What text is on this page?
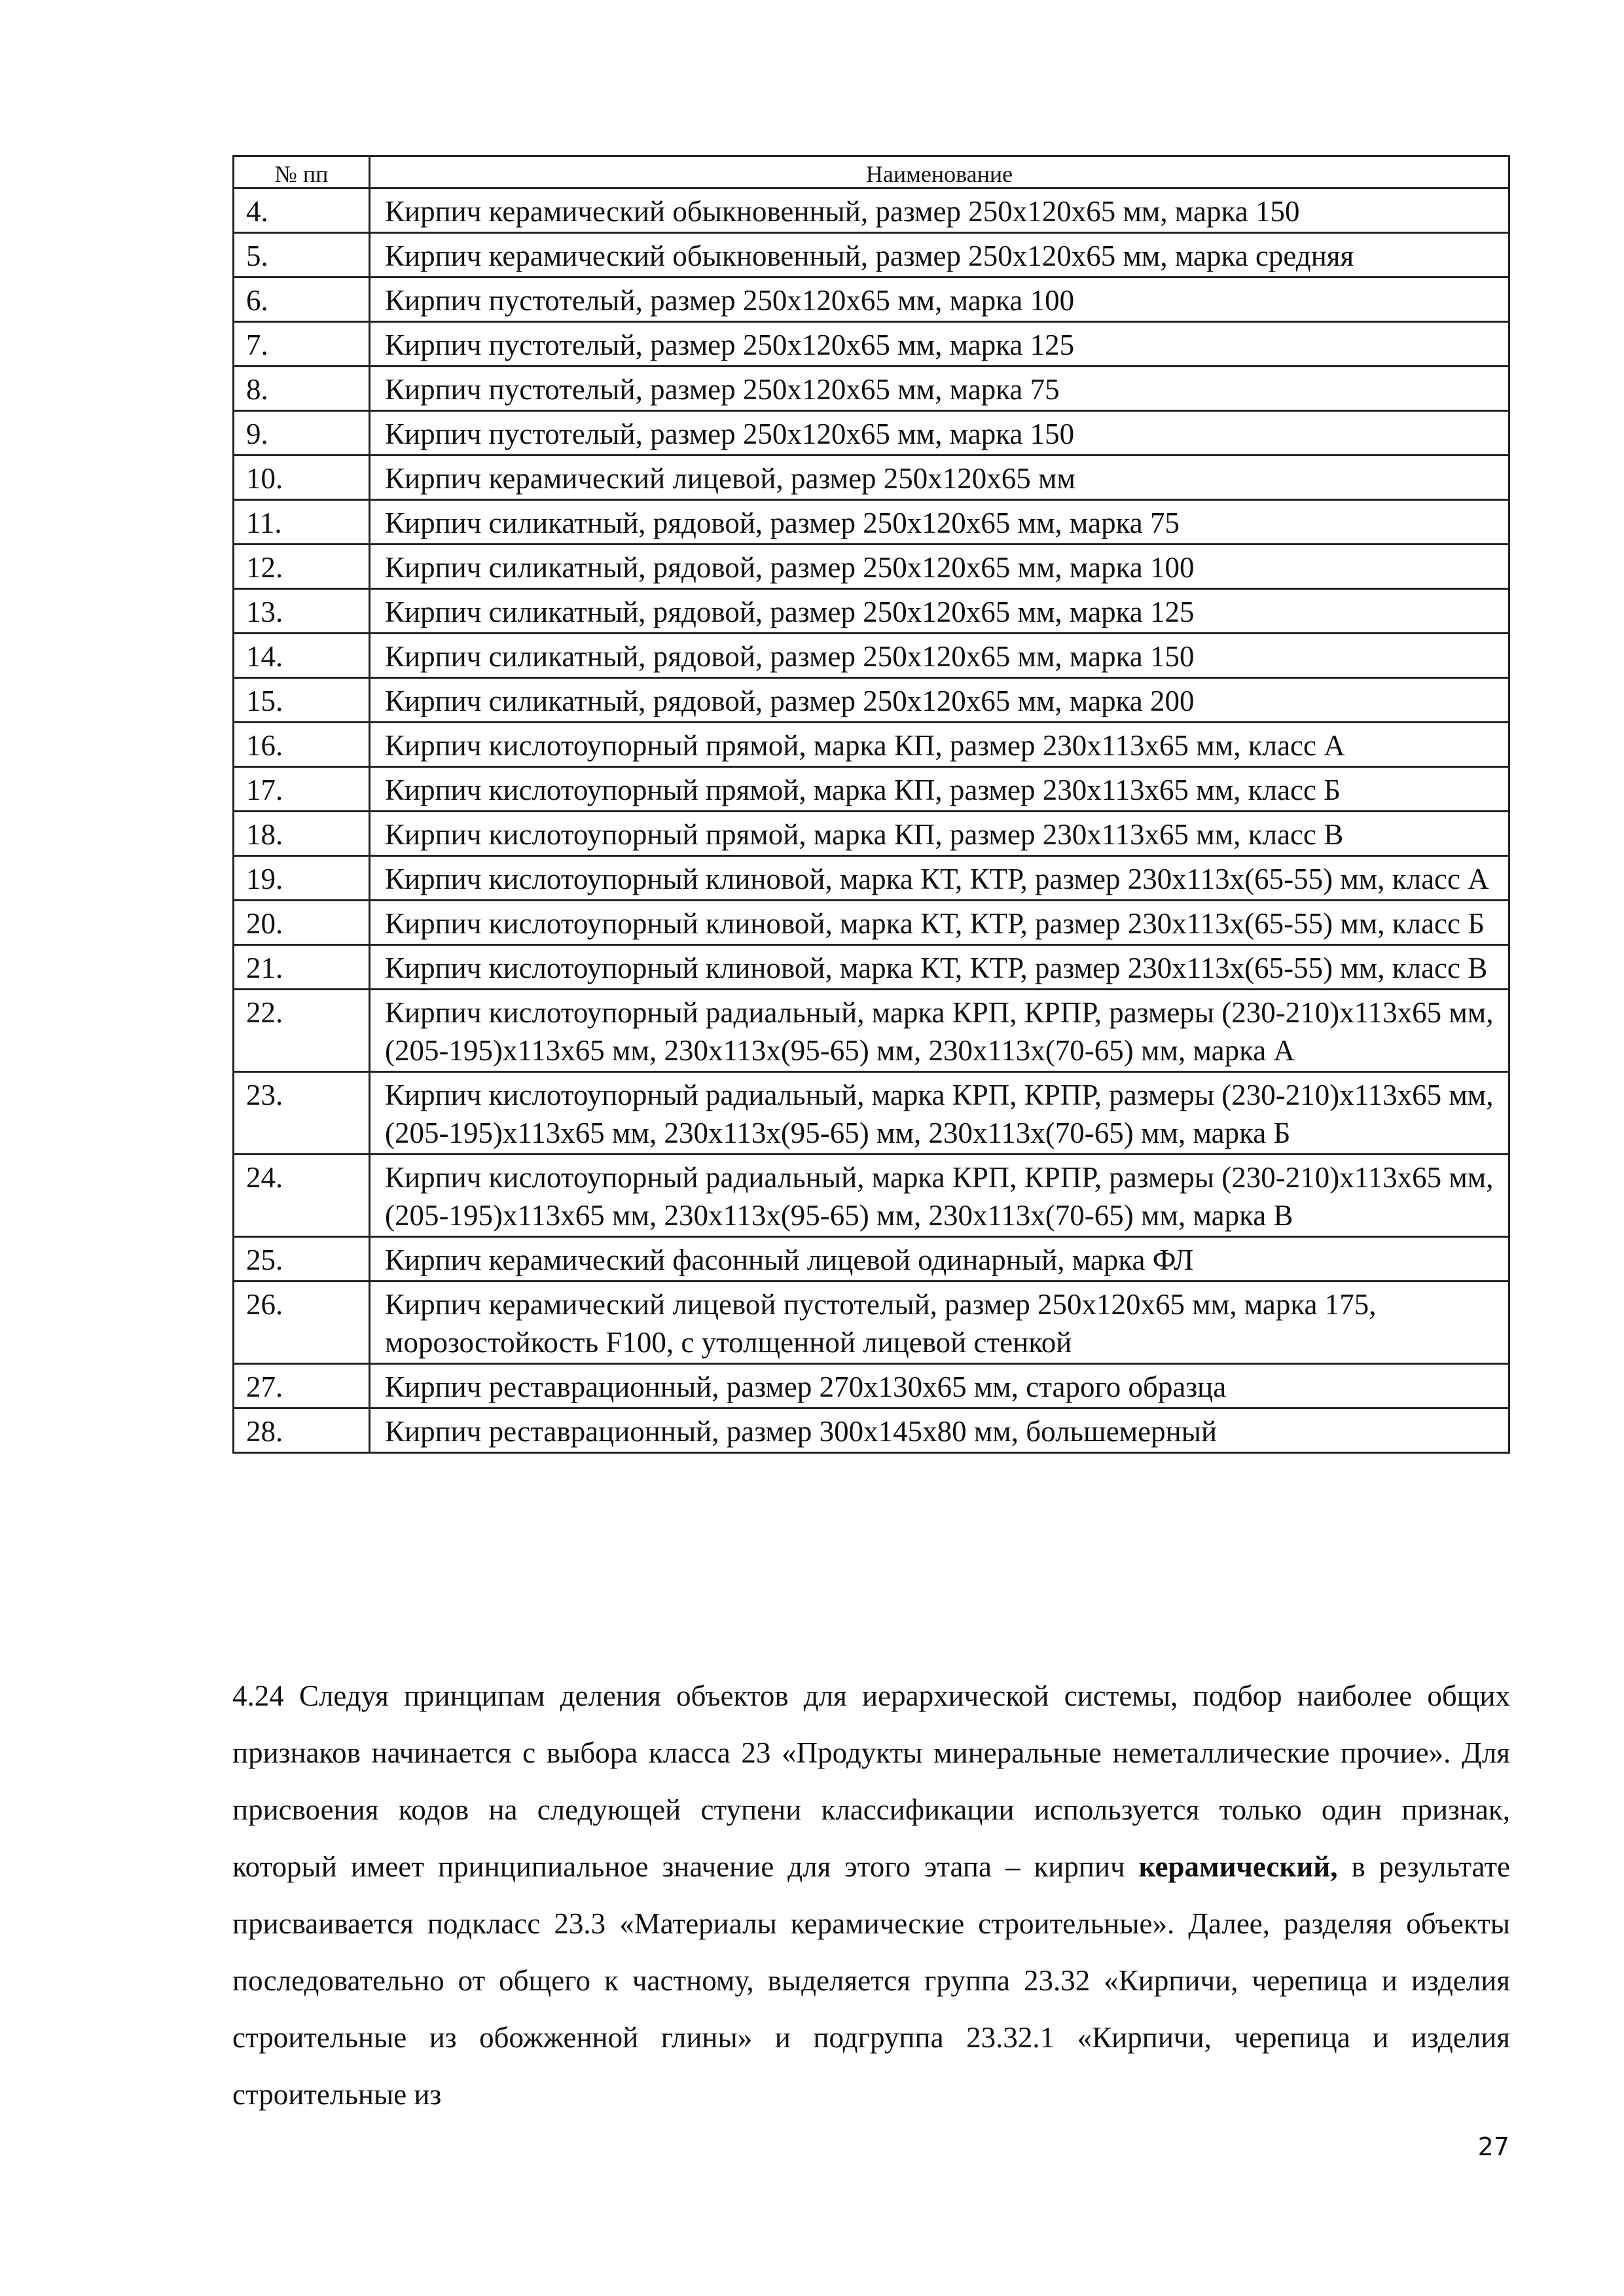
№ пп	Наименование
4.	Кирпич керамический обыкновенный, размер 250х120х65 мм, марка 150
5.	Кирпич керамический обыкновенный, размер 250х120х65 мм, марка средняя
6.	Кирпич пустотелый, размер 250х120х65 мм, марка 100
7.	Кирпич пустотелый, размер 250х120х65 мм, марка 125
8.	Кирпич пустотелый, размер 250х120х65 мм, марка 75
9.	Кирпич пустотелый, размер 250х120х65 мм, марка 150
10.	Кирпич керамический лицевой, размер 250х120х65 мм
11.	Кирпич силикатный, рядовой, размер 250х120х65 мм, марка 75
12.	Кирпич силикатный, рядовой, размер 250х120х65 мм, марка 100
13.	Кирпич силикатный, рядовой, размер 250х120х65 мм, марка 125
14.	Кирпич силикатный, рядовой, размер 250х120х65 мм, марка 150
15.	Кирпич силикатный, рядовой, размер 250х120х65 мм, марка 200
16.	Кирпич кислотоупорный прямой, марка КП, размер 230х113х65 мм, класс А
17.	Кирпич кислотоупорный прямой, марка КП, размер 230х113х65 мм, класс Б
18.	Кирпич кислотоупорный прямой, марка КП, размер 230х113х65 мм, класс В
19.	Кирпич кислотоупорный клиновой, марка КТ, КТР, размер 230х113х(65-55) мм, класс А
20.	Кирпич кислотоупорный клиновой, марка КТ, КТР, размер 230х113х(65-55) мм, класс Б
21.	Кирпич кислотоупорный клиновой, марка КТ, КТР, размер 230х113х(65-55) мм, класс В
22.	Кирпич кислотоупорный радиальный, марка КРП, КРПР, размеры (230-210)х113х65 мм, (205-195)х113х65 мм, 230х113х(95-65) мм, 230х113х(70-65) мм, марка А
23.	Кирпич кислотоупорный радиальный, марка КРП, КРПР, размеры (230-210)х113х65 мм, (205-195)х113х65 мм, 230х113х(95-65) мм, 230х113х(70-65) мм, марка Б
24.	Кирпич кислотоупорный радиальный, марка КРП, КРПР, размеры (230-210)х113х65 мм, (205-195)х113х65 мм, 230х113х(95-65) мм, 230х113х(70-65) мм, марка В
25.	Кирпич керамический фасонный лицевой одинарный, марка ФЛ
26.	Кирпич керамический лицевой пустотелый, размер 250х120х65 мм, марка 175, морозостойкость F100, с утолщенной лицевой стенкой
27.	Кирпич реставрационный, размер 270х130х65 мм, старого образца
28.	Кирпич реставрационный, размер 300х145х80 мм, большемерный

4.24 Следуя принципам деления объектов для иерархической системы, подбор наиболее общих признаков начинается с выбора класса 23 «Продукты минеральные неметаллические прочие». Для присвоения кодов на следующей ступени классификации используется только один признак, который имеет принципиальное значение для этого этапа – кирпич керамический, в результате присваивается подкласс 23.3 «Материалы керамические строительные». Далее, разделяя объекты последовательно от общего к частному, выделяется группа 23.32 «Кирпичи, черепица и изделия строительные из обожженной глины» и подгруппа 23.32.1 «Кирпичи, черепица и изделия строительные из

27
